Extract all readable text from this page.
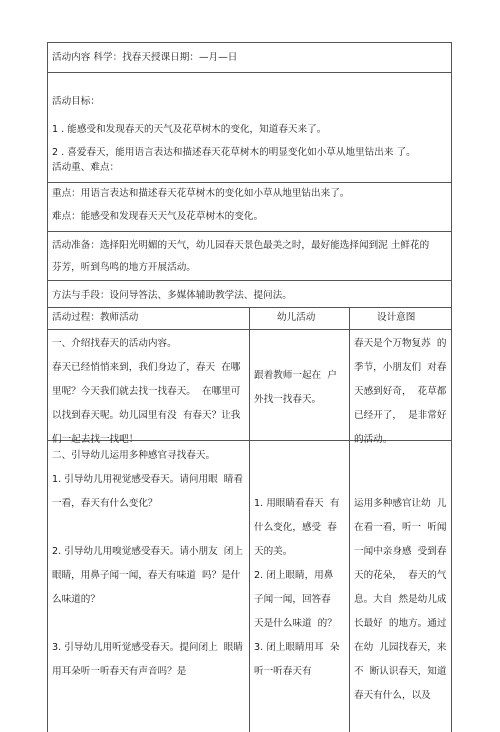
活动内容 科学：找春天授课日期：—月—日
活动目标：
1 . 能感受和发现春天的天气及花草树木的变化，知道春天来了。
2 . 喜爱春天，能用语言表达和描述春天花草树木的明显变化如小草从地里钻出来 了。
活动重、难点：
重点：用语言表达和描述春天花草树木的变化如小草从地里钻出来了。
难点：能感受和发现春天天气及花草树木的变化。
活动准备：选择阳光明媚的天气，幼儿园春天景色最美之时，最好能选择闻到泥 土鲜花的
芬芳，听到鸟鸣的地方开展活动。
方法与手段：设问导答法、多媒体辅助教学法、提问法。
活动过程：教师活动	幼儿活动	设计意图
一、介绍找春天的活动内容。
春天已经悄悄来到，我们身边了，春天  在哪里呢？今天我们就去找一找春天。  在哪里可以找到春天呢。幼儿园里有没  有春天？让我们一起去找一找吧！
跟着教师一起在  户外找一找春天。
春天是个万物复苏  的季节，小朋友们  对春天感到好奇，  花草都已经开了，  是非常好的活动。
二、引导幼儿运用多种感官寻找春天。
1. 引导幼儿用视觉感受春天。请问用眼  睛看一看，春天有什么变化？

2. 引导幼儿用嗅觉感受春天。请小朋友  闭上眼睛，用鼻子闻一闻，春天有味道  吗？是什么味道的？

3. 引导幼儿用听觉感受春天。提问闭上  眼睛用耳朵听一听春天有声音吗？是

1. 用眼睛看春天  有什么变化，感受  春天的美。
2. 闭上眼睛，用鼻  子闻一闻，回答春  天是什么味道  的？
3. 闭上眼睛用耳  朵听一听春天有

运用多种感官让幼  儿在看一看，听一  听闻一闻中亲身感  受到春天的花朵，  春天的气息。大自  然是幼儿成长最好  的地方。通过在幼  儿园找春天，来不  断认识春天，知道  春天有什么，以及
